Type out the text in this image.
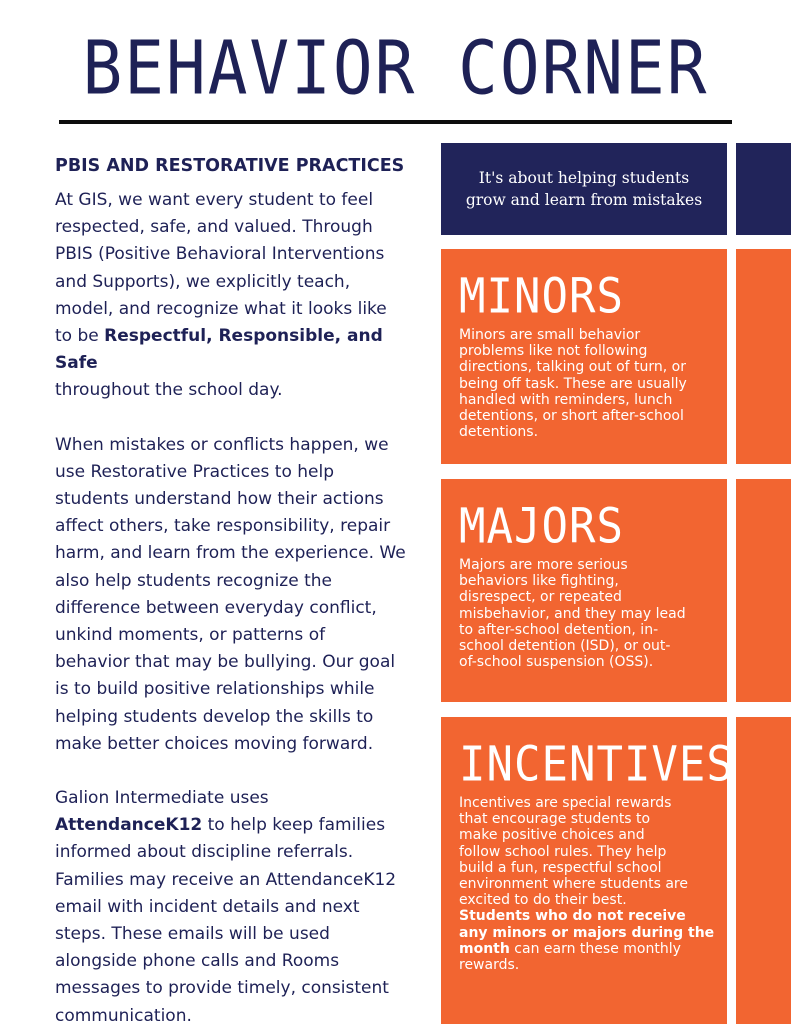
BEHAVIOR CORNER
PBIS AND RESTORATIVE PRACTICES

At GIS, we want every student to feel
respected, safe, and valued. Through
PBIS (Positive Behavioral Interventions
and Supports), we explicitly teach,
model, and recognize what it looks like
to be Respectful, Responsible, and Safe
throughout the school day.

When mistakes or conflicts happen, we
use Restorative Practices to help
students understand how their actions
affect others, take responsibility, repair
harm, and learn from the experience. We
also help students recognize the
difference between everyday conflict,
unkind moments, or patterns of
behavior that may be bullying. Our goal
is to build positive relationships while
helping students develop the skills to
make better choices moving forward.

Galion Intermediate uses
AttendanceK12 to help keep families
informed about discipline referrals.
Families may receive an AttendanceK12
email with incident details and next
steps. These emails will be used
alongside phone calls and Rooms
messages to provide timely, consistent
communication.

It's about helping students
grow and learn from mistakes
MINORS
Minors are small behavior
problems like not following
directions, talking out of turn, or
being off task. These are usually
handled with reminders, lunch
detentions, or short after-school
detentions.
MAJORS
Majors are more serious
behaviors like fighting,
disrespect, or repeated
misbehavior, and they may lead
to after-school detention, in-
school detention (ISD), or out-
of-school suspension (OSS).
INCENTIVES
Incentives are special rewards
that encourage students to
make positive choices and
follow school rules. They help
build a fun, respectful school
environment where students are
excited to do their best.
Students who do not receive
any minors or majors during the
month can earn these monthly
rewards.
